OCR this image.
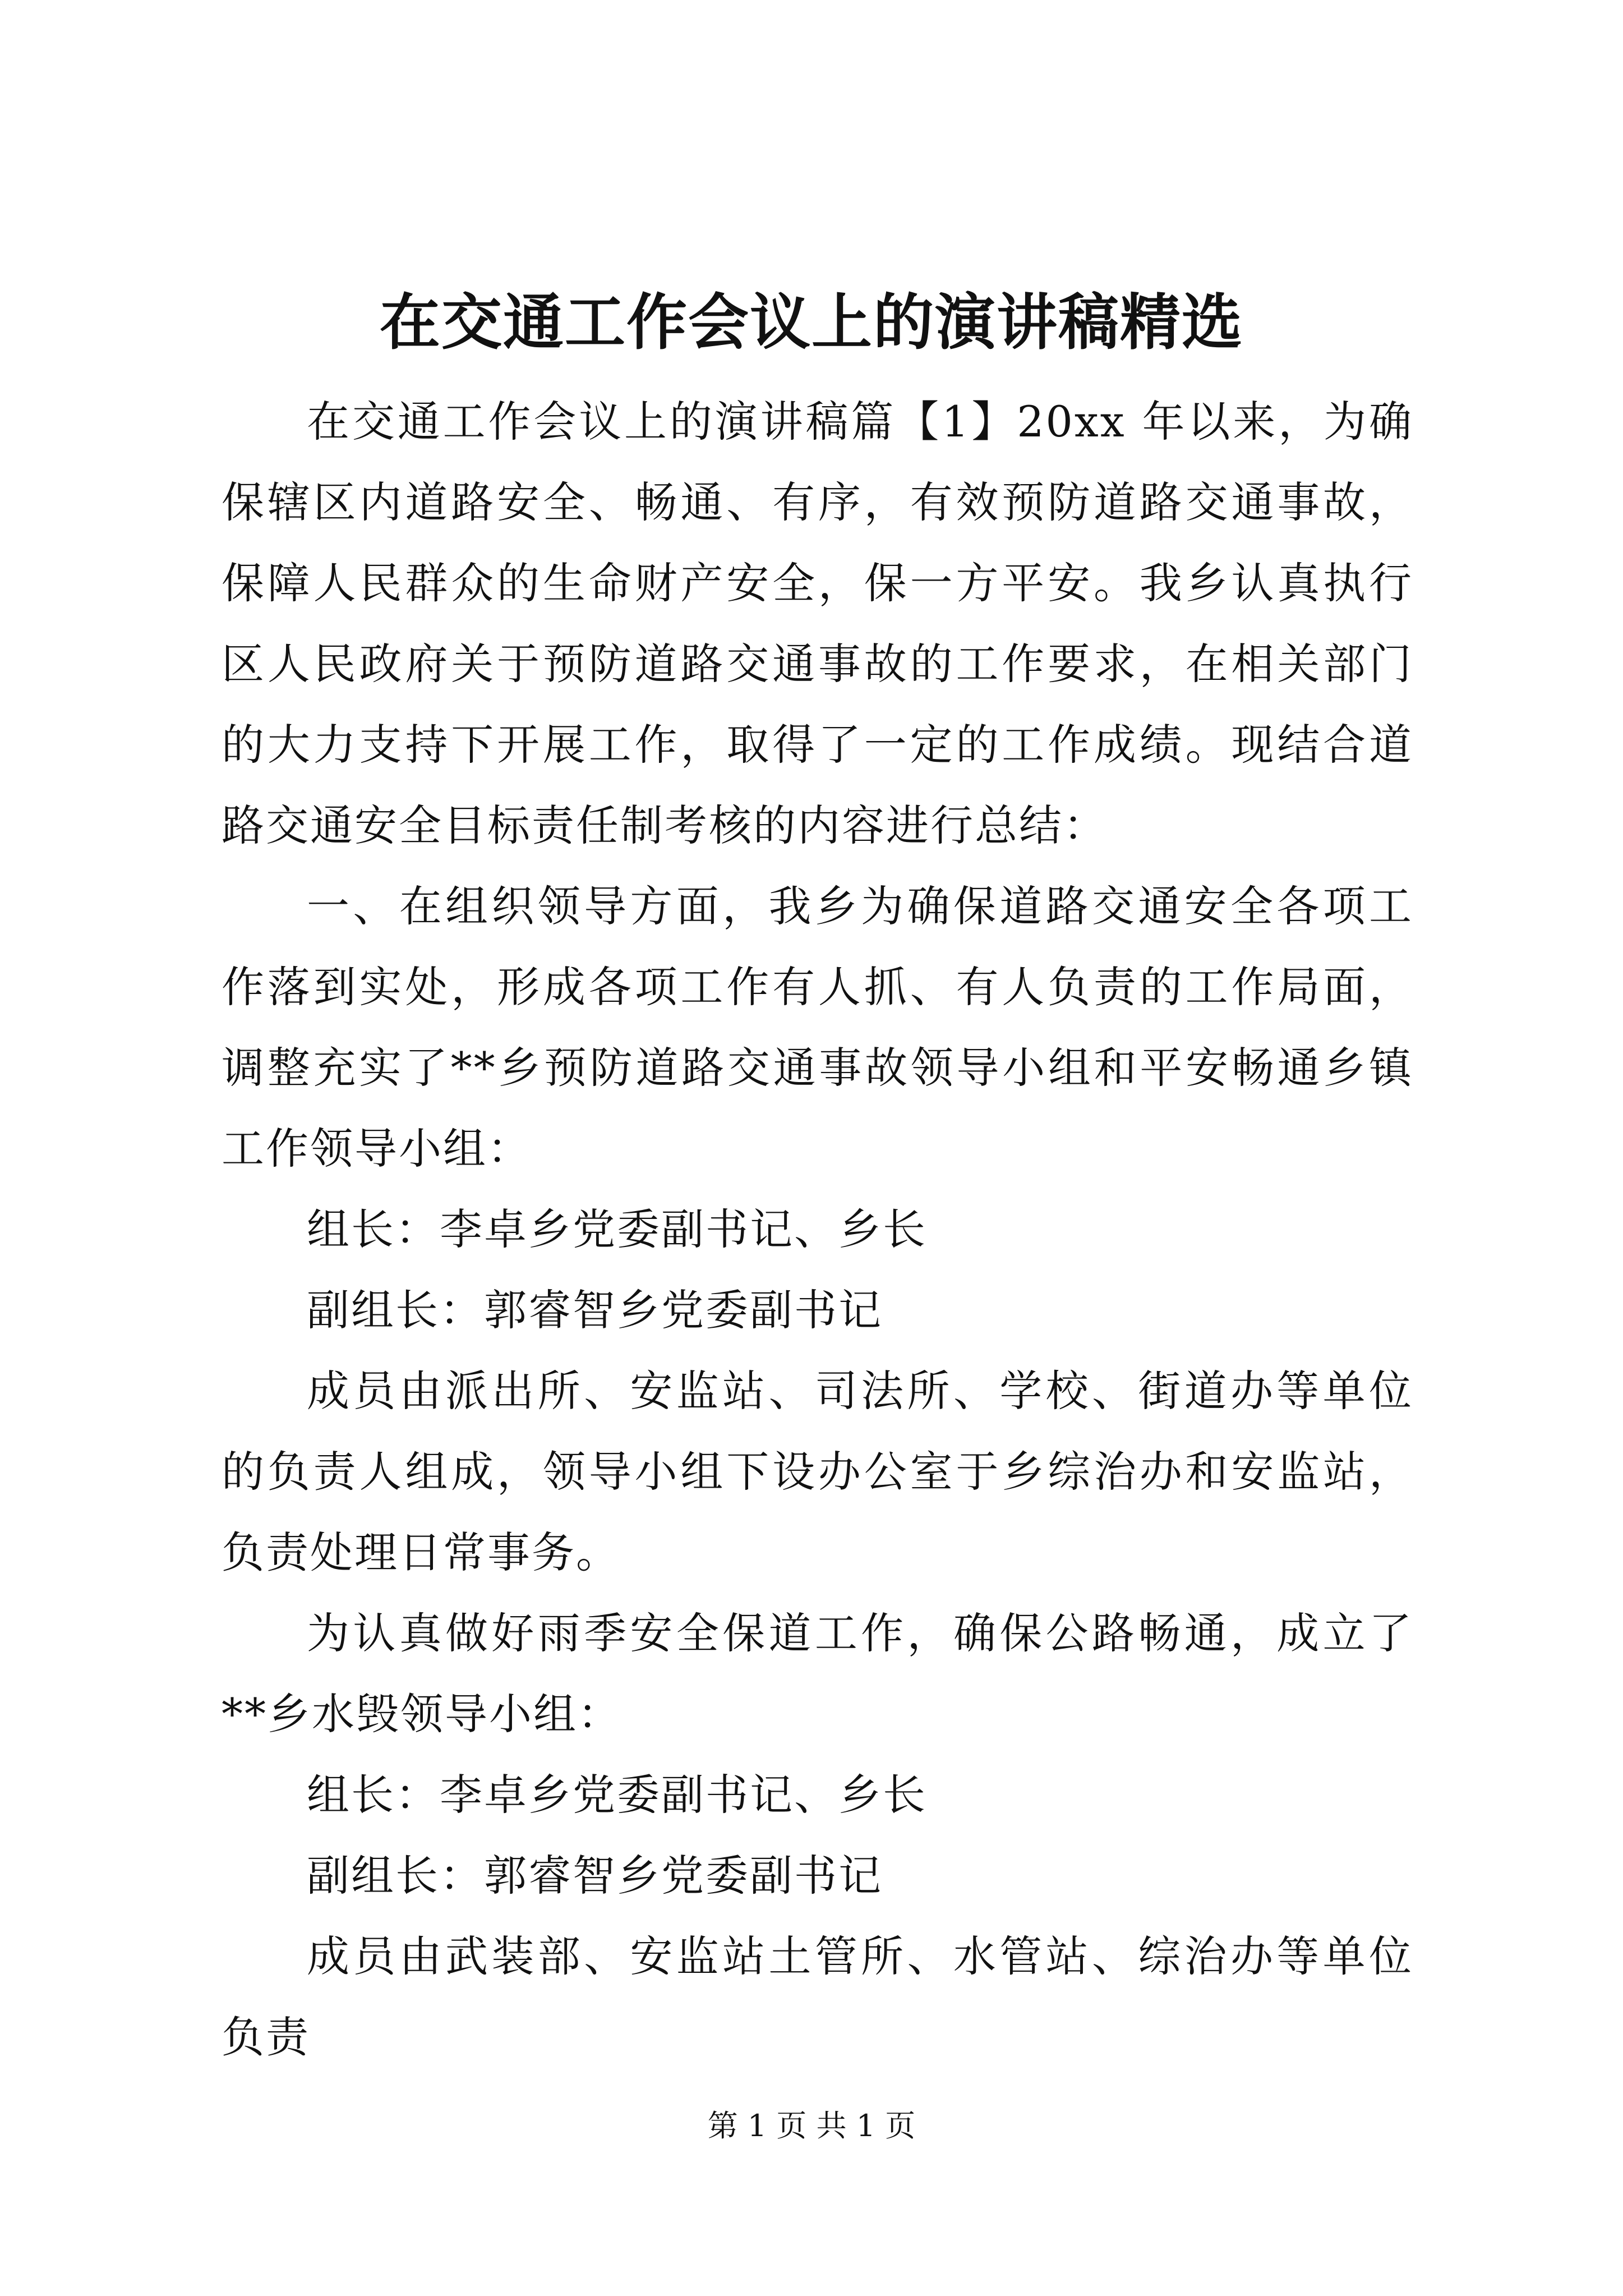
在交通工作会议上的演讲稿精选

在交通工作会议上的演讲稿篇【1】20xx 年以来，为确保辖区内道路安全、畅通、有序，有效预防道路交通事故，保障人民群众的生命财产安全，保一方平安。我乡认真执行区人民政府关于预防道路交通事故的工作要求，在相关部门的大力支持下开展工作，取得了一定的工作成绩。现结合道路交通安全目标责任制考核的内容进行总结：

一、在组织领导方面，我乡为确保道路交通安全各项工作落到实处，形成各项工作有人抓、有人负责的工作局面，调整充实了**乡预防道路交通事故领导小组和平安畅通乡镇工作领导小组：

组长：李卓乡党委副书记、乡长

副组长：郭睿智乡党委副书记

成员由派出所、安监站、司法所、学校、街道办等单位的负责人组成，领导小组下设办公室于乡综治办和安监站，负责处理日常事务。

为认真做好雨季安全保道工作，确保公路畅通，成立了**乡水毁领导小组：

组长：李卓乡党委副书记、乡长

副组长：郭睿智乡党委副书记

成员由武装部、安监站土管所、水管站、综治办等单位负责

第 1 页 共 1 页
